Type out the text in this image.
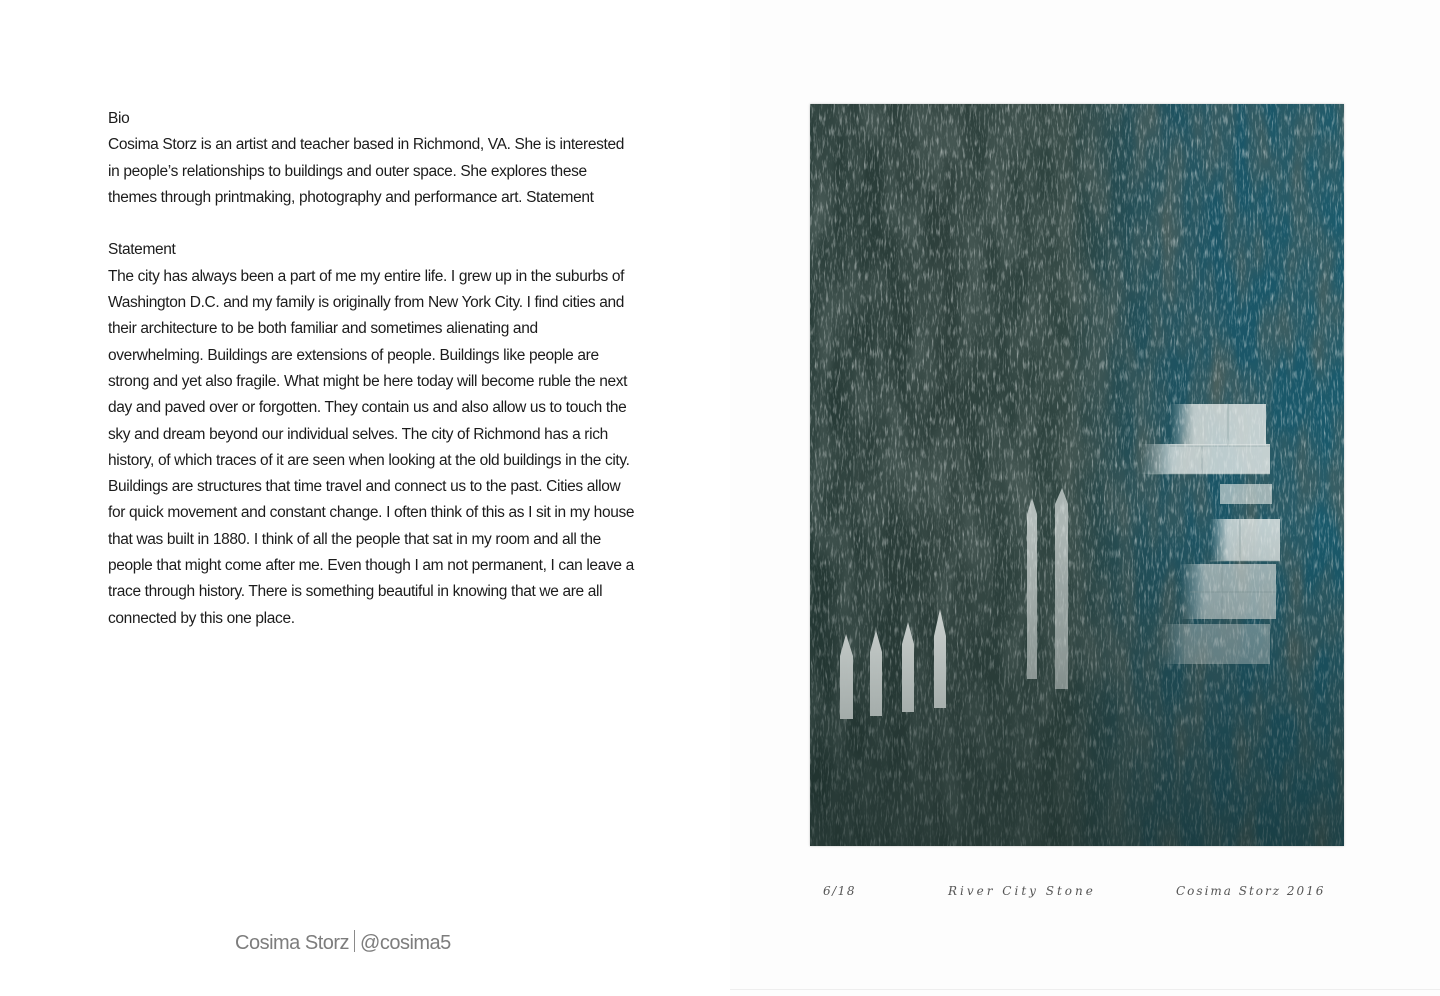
Bio

Cosima Storz is an artist and teacher based in Richmond, VA. She is interested in people’s relationships to buildings and outer space. She explores these themes through printmaking, photography and performance art. Statement

Statement

The city has always been a part of me my entire life. I grew up in the suburbs of Washington D.C. and my family is originally from New York City. I find cities and their architecture to be both familiar and sometimes alienating and overwhelming. Buildings are extensions of people. Buildings like people are strong and yet also fragile. What might be here today will become ruble the next day and paved over or forgotten. They contain us and also allow us to touch the sky and dream beyond our individual selves. The city of Richmond has a rich history, of which traces of it are seen when looking at the old buildings in the city. Buildings are structures that time travel and connect us to the past. Cities allow for quick movement and constant change. I often think of this as I sit in my house that was built in 1880. I think of all the people that sat in my room and all the people that might come after me. Even though I am not permanent, I can leave a trace through history. There is something beautiful in knowing that we are all connected by this one place.

Cosima Storz @cosima5
6/18	River City Stone	Cosima Storz 2016
